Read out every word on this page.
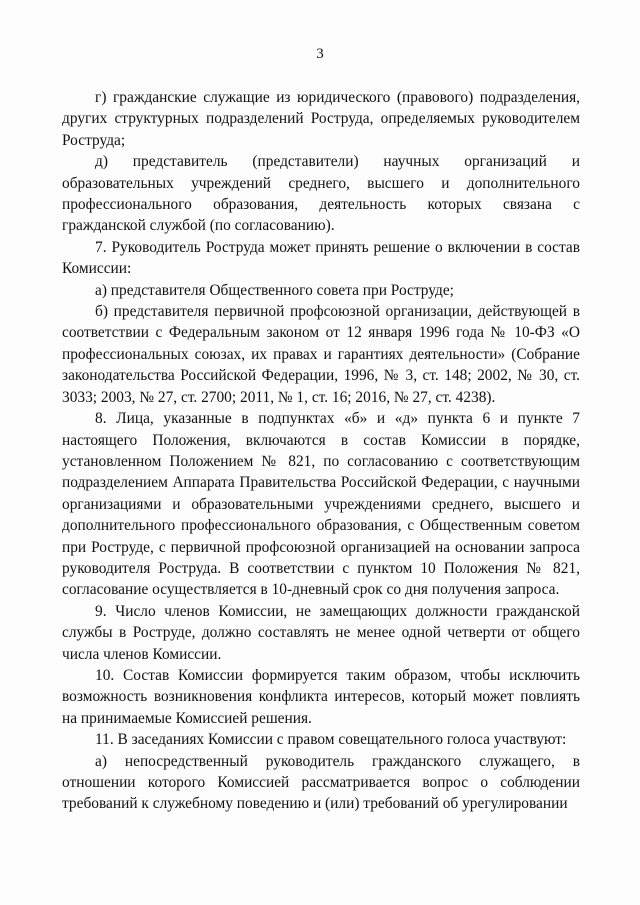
3

г) гражданские служащие из юридического (правового) подразделения, других структурных подразделений Роструда, определяемых руководителем Роструда;

д) представитель (представители) научных организаций и образовательных учреждений среднего, высшего и дополнительного профессионального образования, деятельность которых связана с гражданской службой (по согласованию).

7. Руководитель Роструда может принять решение о включении в состав Комиссии:

а) представителя Общественного совета при Роструде;

б) представителя первичной профсоюзной организации, действующей в соответствии с Федеральным законом от 12 января 1996 года № 10-ФЗ «О профессиональных союзах, их правах и гарантиях деятельности» (Собрание законодательства Российской Федерации, 1996, № 3, ст. 148; 2002, № 30, ст. 3033; 2003, № 27, ст. 2700; 2011, № 1, ст. 16; 2016, № 27, ст. 4238).

8. Лица, указанные в подпунктах «б» и «д» пункта 6 и пункте 7 настоящего Положения, включаются в состав Комиссии в порядке, установленном Положением № 821, по согласованию с соответствующим подразделением Аппарата Правительства Российской Федерации, с научными организациями и образовательными учреждениями среднего, высшего и дополнительного профессионального образования, с Общественным советом при Роструде, с первичной профсоюзной организацией на основании запроса руководителя Роструда. В соответствии с пунктом 10 Положения № 821, согласование осуществляется в 10-дневный срок со дня получения запроса.

9. Число членов Комиссии, не замещающих должности гражданской службы в Роструде, должно составлять не менее одной четверти от общего числа членов Комиссии.

10. Состав Комиссии формируется таким образом, чтобы исключить возможность возникновения конфликта интересов, который может повлиять на принимаемые Комиссией решения.

11. В заседаниях Комиссии с правом совещательного голоса участвуют:

а) непосредственный руководитель гражданского служащего, в отношении которого Комиссией рассматривается вопрос о соблюдении требований к служебному поведению и (или) требований об урегулировании
